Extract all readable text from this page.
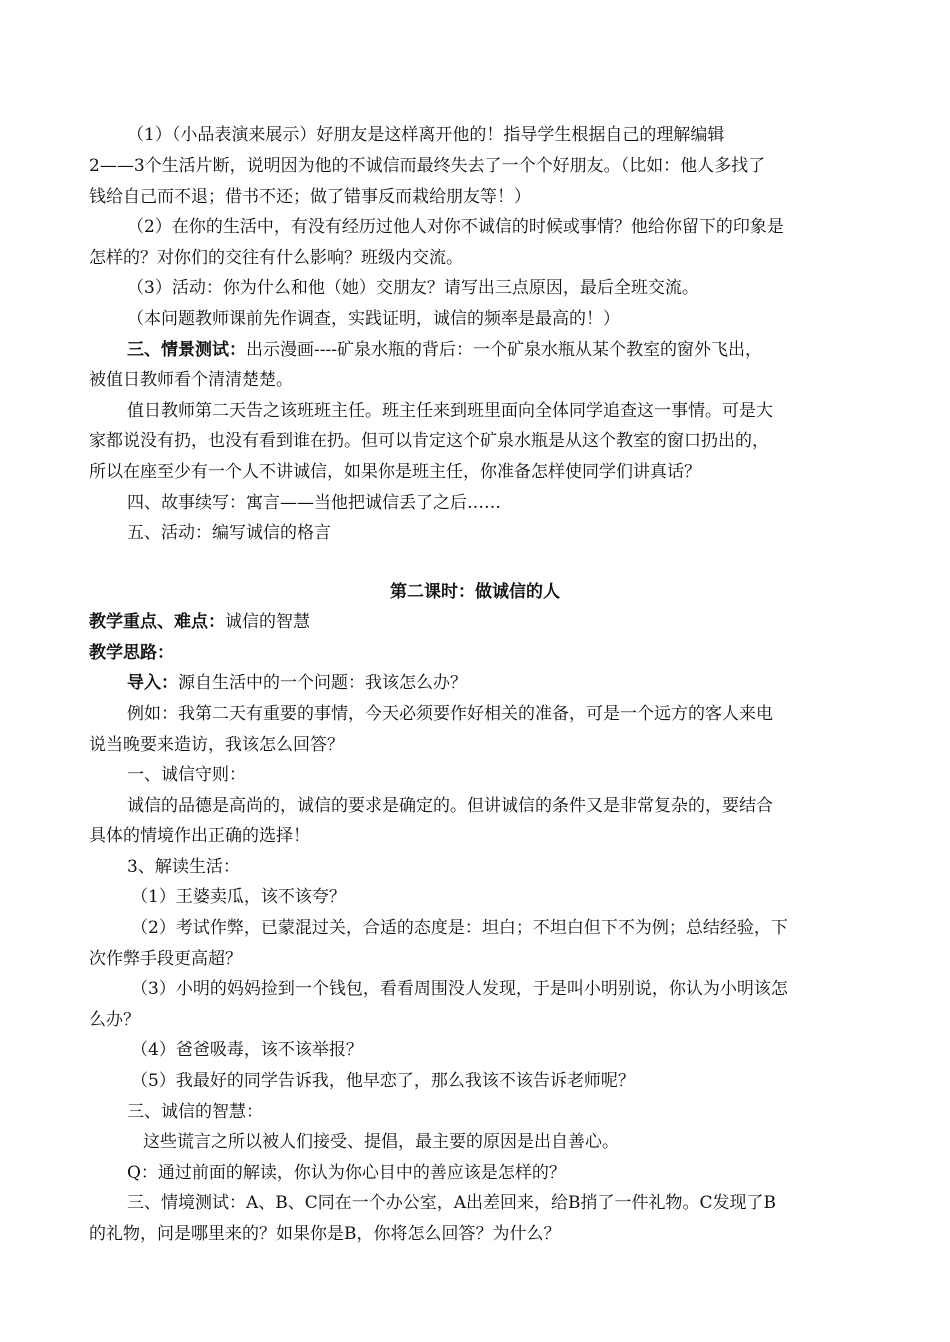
（1）（小品表演来展示）好朋友是这样离开他的！指导学生根据自己的理解编辑
2——3个生活片断，说明因为他的不诚信而最终失去了一个个好朋友。（比如：他人多找了
钱给自己而不退；借书不还；做了错事反而栽给朋友等！）
（2）在你的生活中，有没有经历过他人对你不诚信的时候或事情？他给你留下的印象是
怎样的？对你们的交往有什么影响？班级内交流。
（3）活动：你为什么和他（她）交朋友？请写出三点原因，最后全班交流。
（本问题教师课前先作调查，实践证明，诚信的频率是最高的！）
三、情景测试：出示漫画----矿泉水瓶的背后：一个矿泉水瓶从某个教室的窗外飞出，
被值日教师看个清清楚楚。
值日教师第二天告之该班班主任。班主任来到班里面向全体同学追查这一事情。可是大
家都说没有扔，也没有看到谁在扔。但可以肯定这个矿泉水瓶是从这个教室的窗口扔出的，
所以在座至少有一个人不讲诚信，如果你是班主任，你准备怎样使同学们讲真话？
四、故事续写：寓言——当他把诚信丢了之后……
五、活动：编写诚信的格言
第二课时：做诚信的人
教学重点、难点：诚信的智慧
教学思路：
导入：源自生活中的一个问题：我该怎么办？
例如：我第二天有重要的事情，今天必须要作好相关的准备，可是一个远方的客人来电
说当晚要来造访，我该怎么回答？
一、诚信守则：
诚信的品德是高尚的，诚信的要求是确定的。但讲诚信的条件又是非常复杂的，要结合
具体的情境作出正确的选择！
3、解读生活：
（1）王婆卖瓜，该不该夸？
（2）考试作弊，已蒙混过关，合适的态度是：坦白；不坦白但下不为例；总结经验，下
次作弊手段更高超？
（3）小明的妈妈捡到一个钱包，看看周围没人发现，于是叫小明别说，你认为小明该怎
么办？
（4）爸爸吸毒，该不该举报？
（5）我最好的同学告诉我，他早恋了，那么我该不该告诉老师呢？
三、诚信的智慧：
这些谎言之所以被人们接受、提倡，最主要的原因是出自善心。
Q：通过前面的解读，你认为你心目中的善应该是怎样的？
三、情境测试：A、B、C同在一个办公室，A出差回来，给B捎了一件礼物。C发现了B
的礼物，问是哪里来的？如果你是B，你将怎么回答？为什么？
